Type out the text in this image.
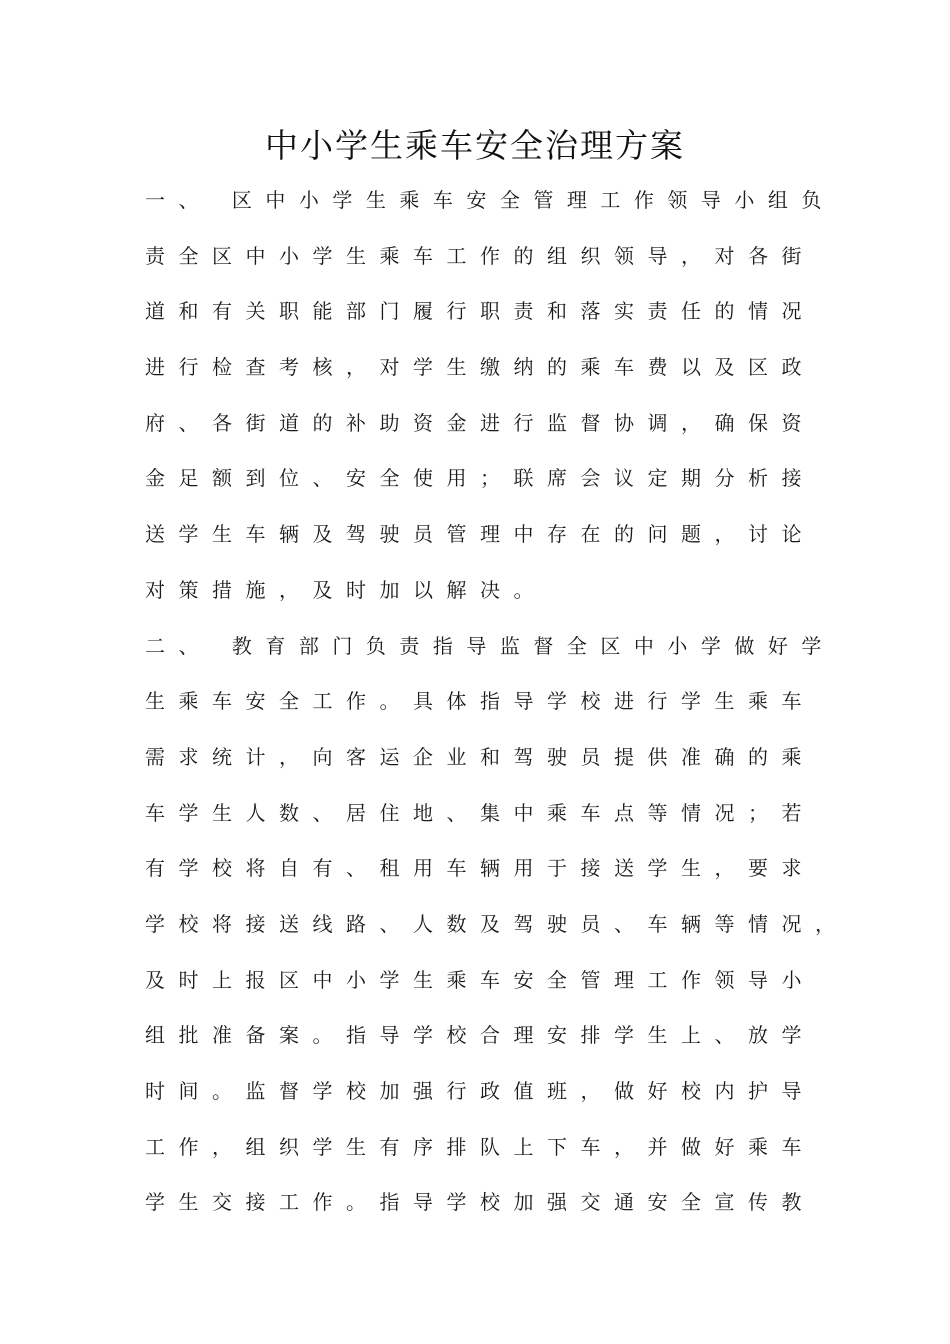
中小学生乘车安全治理方案
一、 区中小学生乘车安全管理工作领导小组负
责全区中小学生乘车工作的组织领导，对各街
道和有关职能部门履行职责和落实责任的情况
进行检查考核，对学生缴纳的乘车费以及区政
府、各街道的补助资金进行监督协调，确保资
金足额到位、安全使用；联席会议定期分析接
送学生车辆及驾驶员管理中存在的问题，讨论
对策措施，及时加以解决。
二、 教育部门负责指导监督全区中小学做好学
生乘车安全工作。具体指导学校进行学生乘车
需求统计，向客运企业和驾驶员提供准确的乘
车学生人数、居住地、集中乘车点等情况；若
有学校将自有、租用车辆用于接送学生，要求
学校将接送线路、人数及驾驶员、车辆等情况，
及时上报区中小学生乘车安全管理工作领导小
组批准备案。指导学校合理安排学生上、放学
时间。监督学校加强行政值班，做好校内护导
工作，组织学生有序排队上下车，并做好乘车
学生交接工作。指导学校加强交通安全宣传教
